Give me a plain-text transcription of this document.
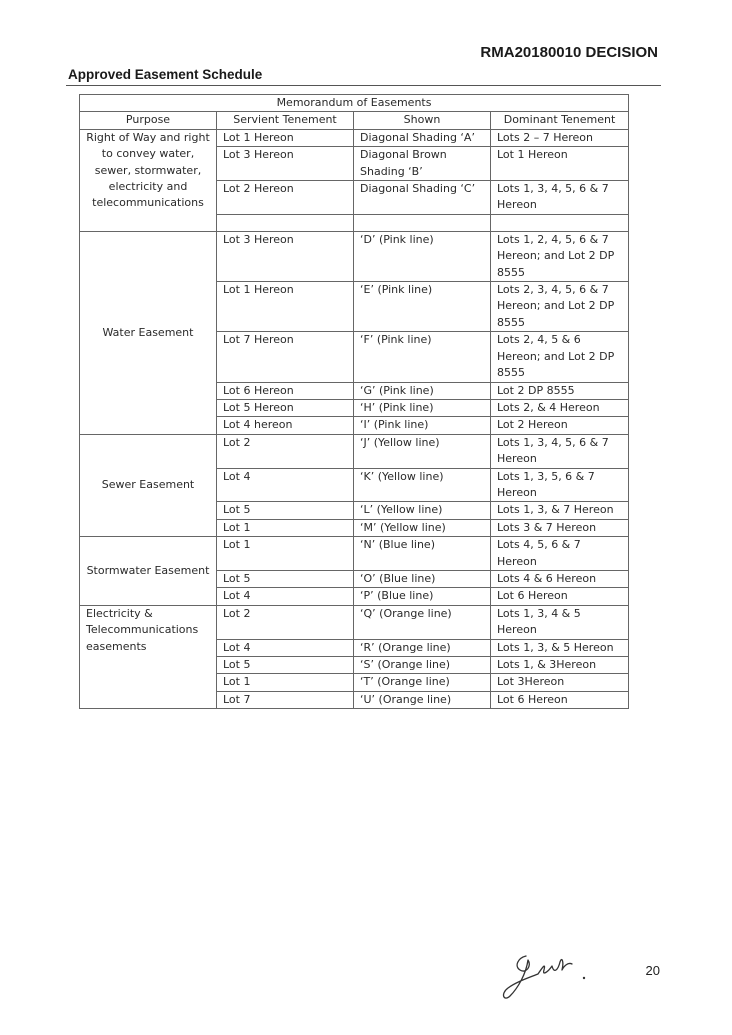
RMA20180010 DECISION
Approved Easement Schedule
Memorandum of Easements			
Purpose	Servient Tenement	Shown	Dominant Tenement
Right of Way and right to convey water, sewer, stormwater, electricity and telecommunications	Lot 1 Hereon	Diagonal Shading ‘A’	Lots 2 – 7 Hereon
	Lot 3 Hereon	Diagonal Brown Shading ‘B’	Lot 1 Hereon
	Lot 2 Hereon	Diagonal Shading ‘C’	Lots 1, 3, 4, 5, 6 & 7 Hereon

Water Easement	Lot 3 Hereon	‘D’ (Pink line)	Lots 1, 2, 4, 5, 6 & 7 Hereon; and Lot 2 DP 8555
	Lot 1 Hereon	‘E’ (Pink line)	Lots 2, 3, 4, 5, 6 & 7 Hereon; and Lot 2 DP 8555
	Lot 7 Hereon	‘F’ (Pink line)	Lots 2, 4, 5 & 6 Hereon; and Lot 2 DP 8555
	Lot 6 Hereon	‘G’ (Pink line)	Lot 2 DP 8555
	Lot 5 Hereon	‘H’ (Pink line)	Lots 2, & 4 Hereon
	Lot 4 hereon	‘I’ (Pink line)	Lot 2 Hereon
Sewer Easement	Lot 2	‘J’ (Yellow line)	Lots 1, 3, 4, 5, 6 & 7 Hereon
	Lot 4	‘K’ (Yellow line)	Lots 1, 3, 5, 6 & 7 Hereon
	Lot 5	‘L’ (Yellow line)	Lots 1, 3, & 7 Hereon
	Lot 1	‘M’ (Yellow line)	Lots 3 & 7 Hereon
Stormwater Easement	Lot 1	‘N’ (Blue line)	Lots 4, 5, 6 & 7 Hereon
	Lot 5	‘O’ (Blue line)	Lots 4 & 6 Hereon
	Lot 4	‘P’ (Blue line)	Lot 6 Hereon
Electricity & Telecommunications easements	Lot 2	‘Q’ (Orange line)	Lots 1, 3, 4 & 5 Hereon
	Lot 4	‘R’ (Orange line)	Lots 1, 3, & 5 Hereon
	Lot 5	‘S’ (Orange line)	Lots 1, & 3Hereon
	Lot 1	‘T’ (Orange line)	Lot 3Hereon
	Lot 7	‘U’ (Orange line)	Lot 6 Hereon
20
